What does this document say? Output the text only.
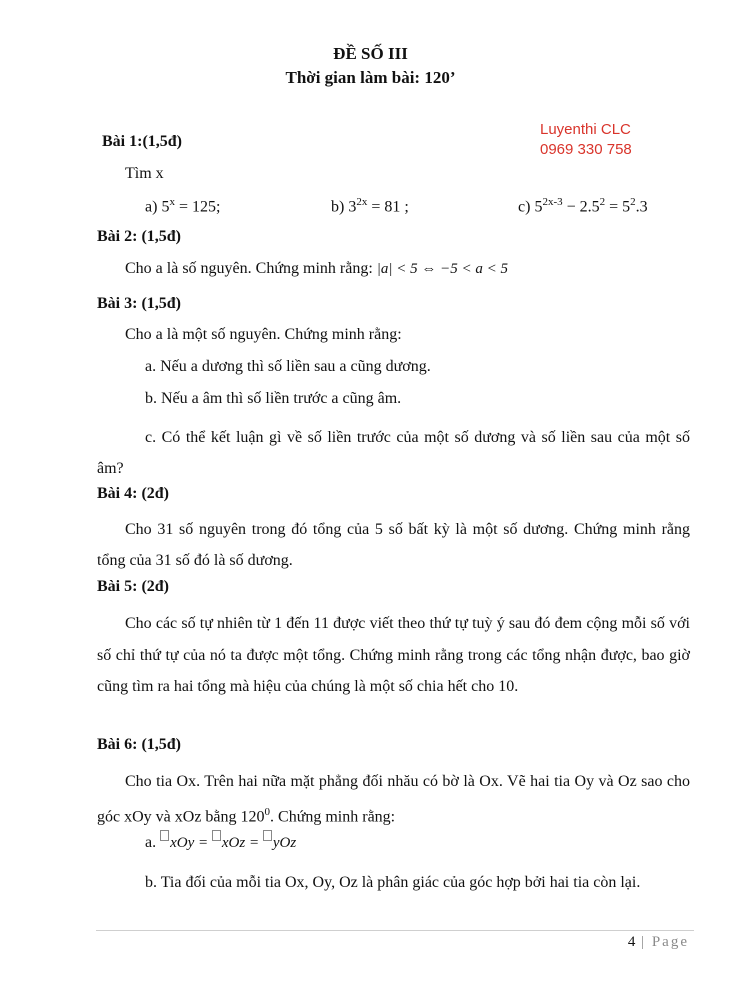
ĐỀ SỐ III
Thời gian làm bài: 120’
Luyenthi CLC
0969 330 758
Bài 1:(1,5đ)
Tìm x
a) $5^x = 125$;	b) $3^{2x} = 81$ ;	c) $5^{2x-3} - 2.5^2 = 5^2.3$
Bài 2: (1,5đ)
Cho a là số nguyên. Chứng minh rằng: |a| < 5 ⇔ −5 < a < 5
Bài 3: (1,5đ)
Cho a là một số nguyên. Chứng minh rằng:
a. Nếu a dương thì số liền sau a cũng dương.
b. Nếu a âm thì số liền trước a cũng âm.
c. Có thể kết luận gì về số liền trước của một số dương và số liền sau của một số âm?
Bài 4: (2đ)
Cho 31 số nguyên trong đó tổng của 5 số bất kỳ là một số dương. Chứng minh rằng tổng của 31 số đó là số dương.
Bài 5: (2đ)
Cho các số tự nhiên từ 1 đến 11 được viết theo thứ tự tuỳ ý sau đó đem cộng mỗi số với số chỉ thứ tự của nó ta được một tổng. Chứng minh rằng trong các tổng nhận được, bao giờ cũng tìm ra hai tổng mà hiệu của chúng là một số chia hết cho 10.
Bài 6: (1,5đ)
Cho tia Ox. Trên hai nữa mặt phẳng đối nhău có bờ là Ox. Vẽ hai tia Oy và Oz sao cho góc xOy và xOz bằng $120^0$. Chứng minh rằng:
a. xOy = xOz = yOz
b. Tia đối của mỗi tia Ox, Oy, Oz là phân giác của góc hợp bởi hai tia còn lại.
4 | Page
